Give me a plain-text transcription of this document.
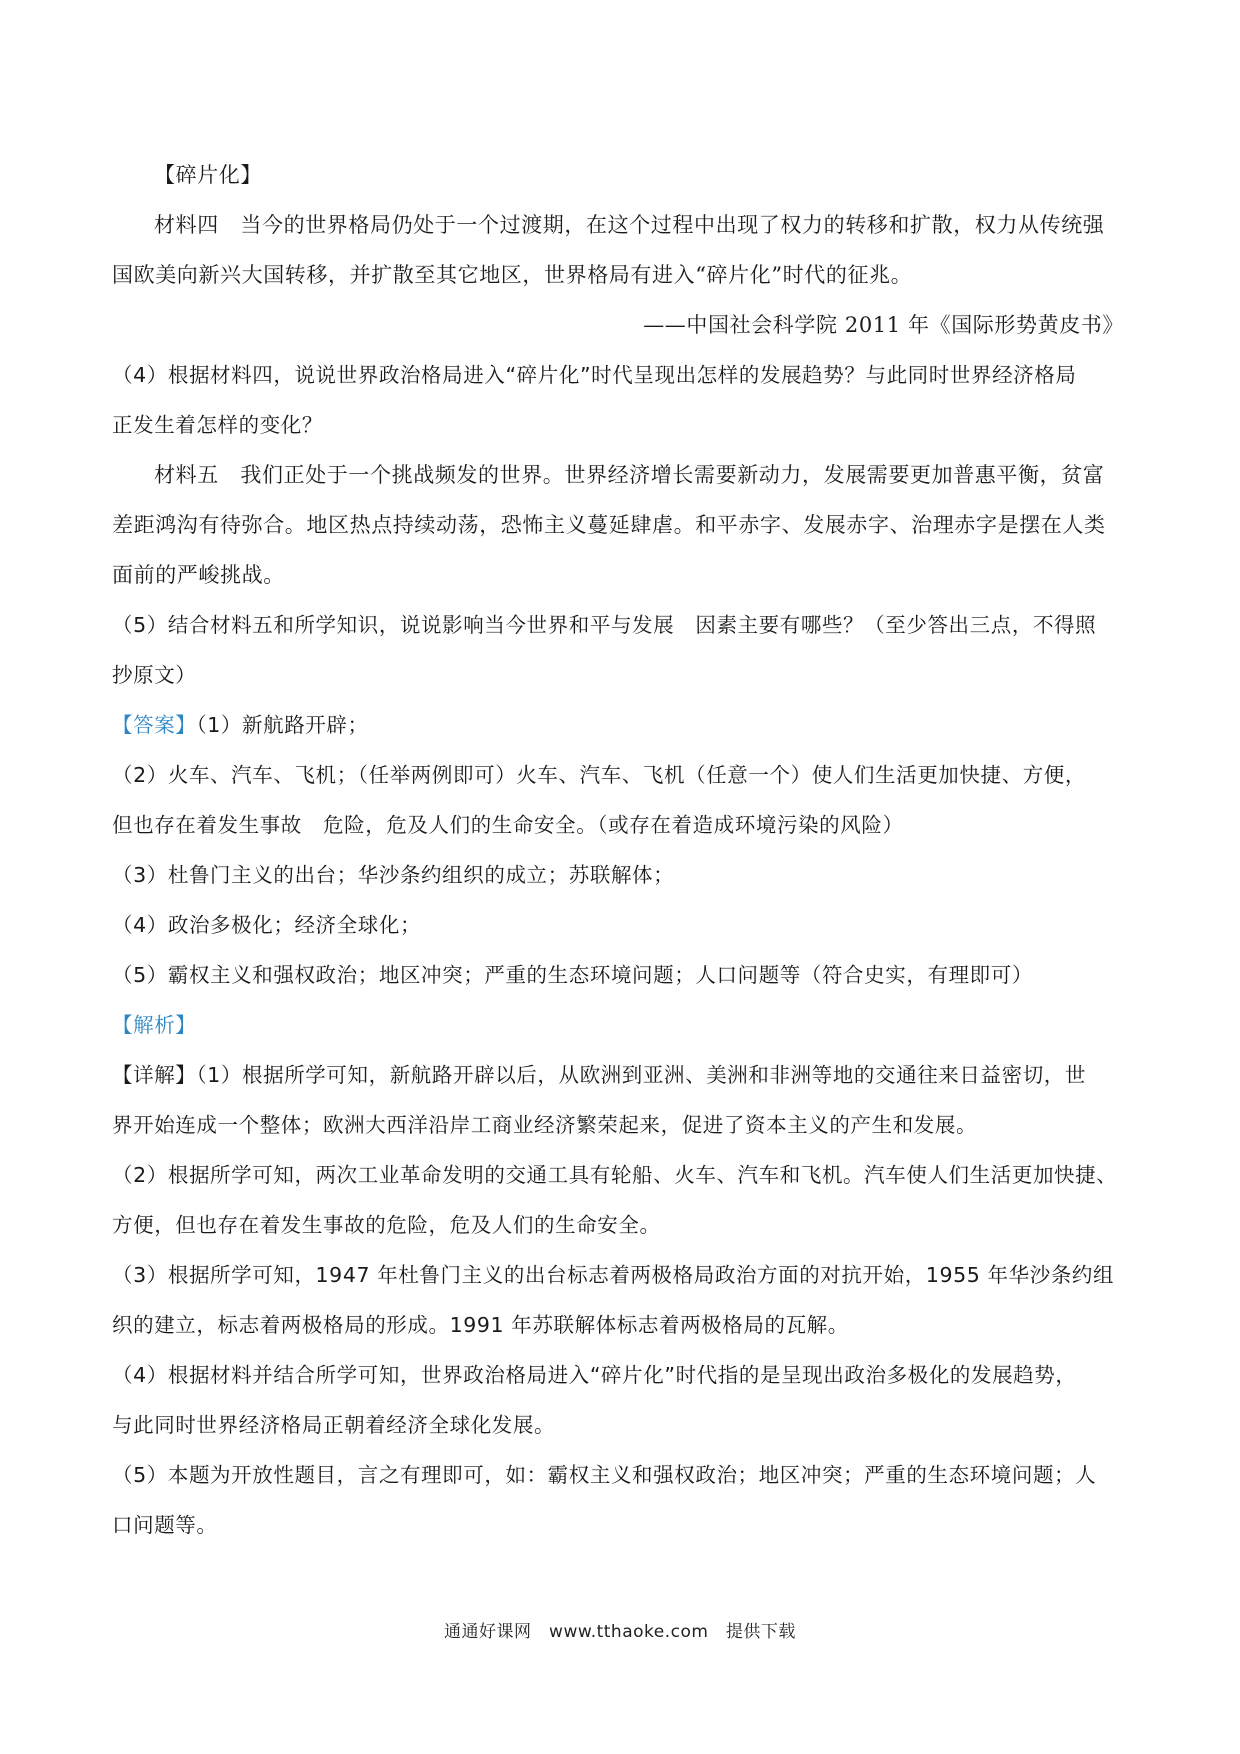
【碎片化】
材料四　当今的世界格局仍处于一个过渡期，在这个过程中出现了权力的转移和扩散，权力从传统强
国欧美向新兴大国转移，并扩散至其它地区，世界格局有进入“碎片化”时代的征兆。
——中国社会科学院 2011 年《国际形势黄皮书》
（4）根据材料四，说说世界政治格局进入“碎片化”时代呈现出怎样的发展趋势？与此同时世界经济格局
正发生着怎样的变化？
材料五　我们正处于一个挑战频发的世界。世界经济增长需要新动力，发展需要更加普惠平衡，贫富
差距鸿沟有待弥合。地区热点持续动荡，恐怖主义蔓延肆虐。和平赤字、发展赤字、治理赤字是摆在人类
面前的严峻挑战。
（5）结合材料五和所学知识，说说影响当今世界和平与发展　因素主要有哪些？（至少答出三点，不得照
抄原文）
【答案】（1）新航路开辟；
（2）火车、汽车、飞机；（任举两例即可）火车、汽车、飞机（任意一个）使人们生活更加快捷、方便，
但也存在着发生事故　危险，危及人们的生命安全。（或存在着造成环境污染的风险）
（3）杜鲁门主义的出台；华沙条约组织的成立；苏联解体；
（4）政治多极化；经济全球化；
（5）霸权主义和强权政治；地区冲突；严重的生态环境问题；人口问题等（符合史实，有理即可）
【解析】
【详解】（1）根据所学可知，新航路开辟以后，从欧洲到亚洲、美洲和非洲等地的交通往来日益密切，世
界开始连成一个整体；欧洲大西洋沿岸工商业经济繁荣起来，促进了资本主义的产生和发展。
（2）根据所学可知，两次工业革命发明的交通工具有轮船、火车、汽车和飞机。汽车使人们生活更加快捷、
方便，但也存在着发生事故的危险，危及人们的生命安全。
（3）根据所学可知，1947 年杜鲁门主义的出台标志着两极格局政治方面的对抗开始，1955 年华沙条约组
织的建立，标志着两极格局的形成。1991 年苏联解体标志着两极格局的瓦解。
（4）根据材料并结合所学可知，世界政治格局进入“碎片化”时代指的是呈现出政治多极化的发展趋势，
与此同时世界经济格局正朝着经济全球化发展。
（5）本题为开放性题目，言之有理即可，如：霸权主义和强权政治；地区冲突；严重的生态环境问题；人
口问题等。
通通好课网　www.tthaoke.com　提供下载
